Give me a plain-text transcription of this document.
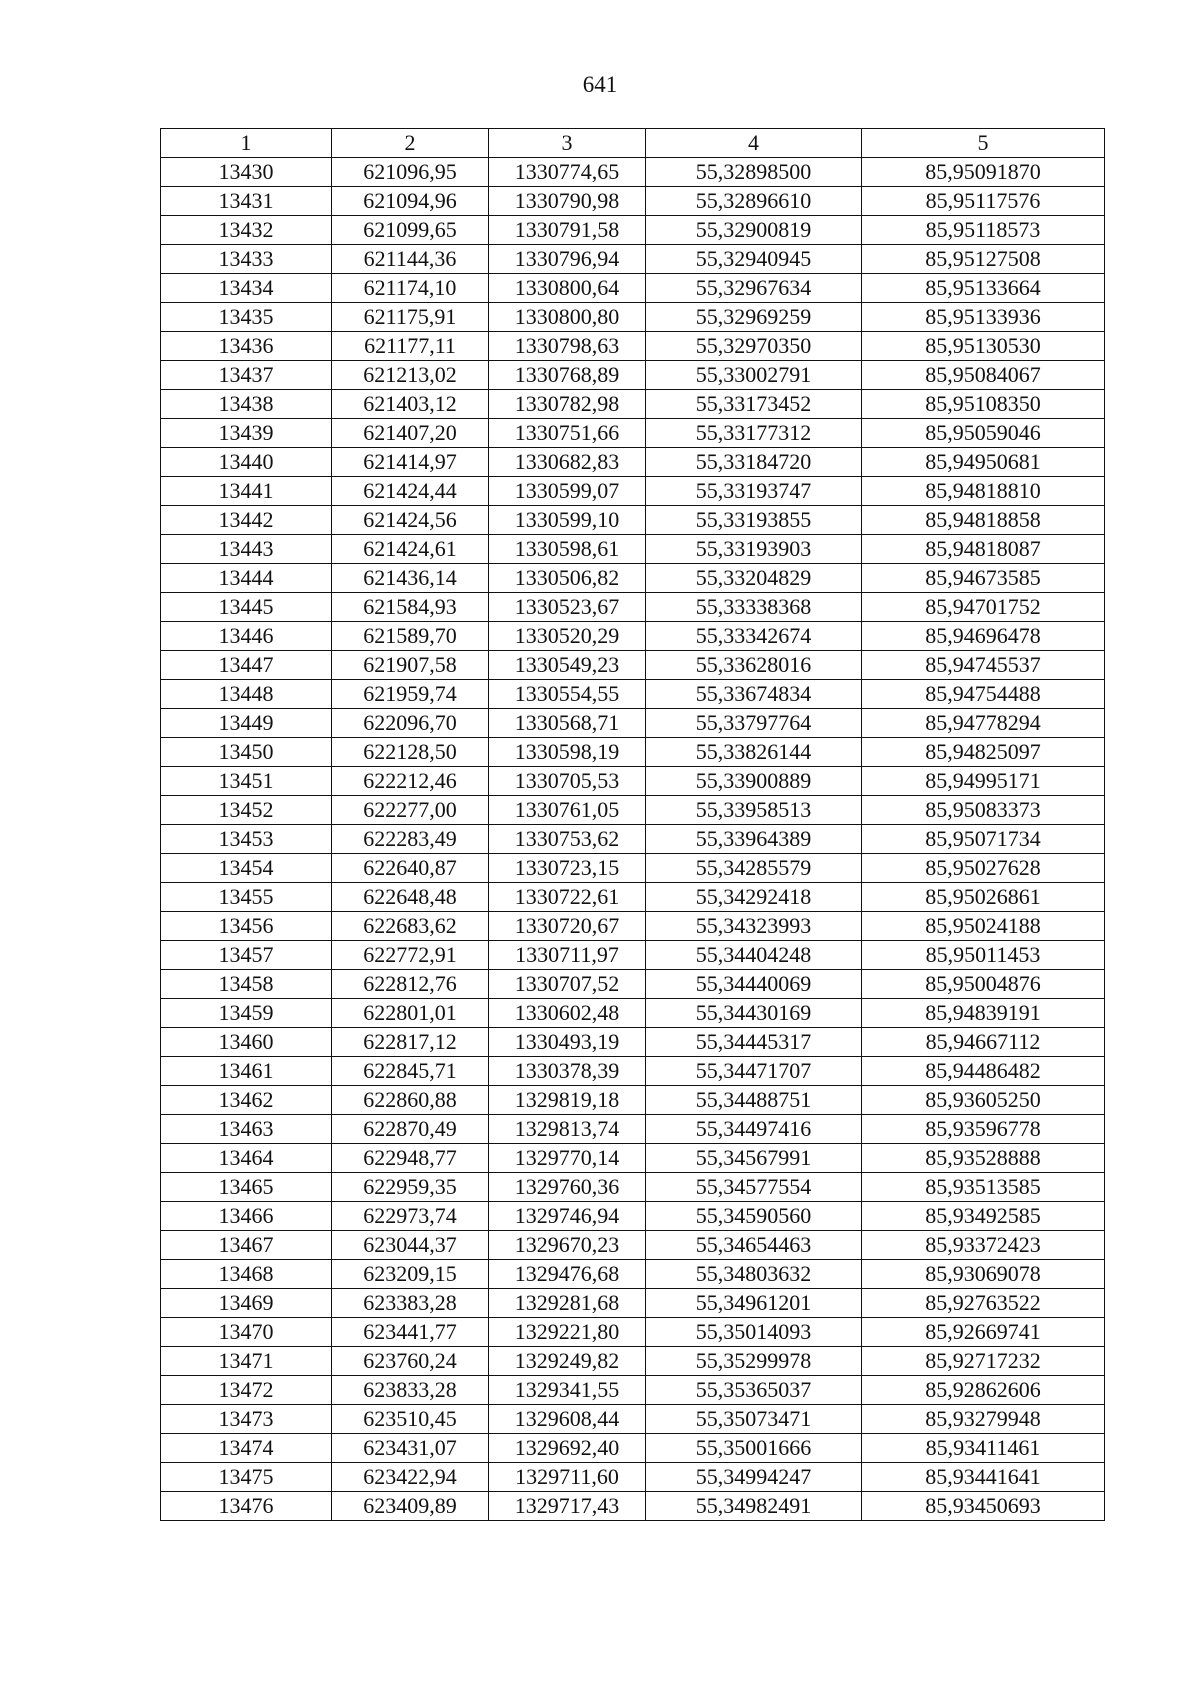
641
1	2	3	4	5
13430	621096,95	1330774,65	55,32898500	85,95091870
13431	621094,96	1330790,98	55,32896610	85,95117576
13432	621099,65	1330791,58	55,32900819	85,95118573
13433	621144,36	1330796,94	55,32940945	85,95127508
13434	621174,10	1330800,64	55,32967634	85,95133664
13435	621175,91	1330800,80	55,32969259	85,95133936
13436	621177,11	1330798,63	55,32970350	85,95130530
13437	621213,02	1330768,89	55,33002791	85,95084067
13438	621403,12	1330782,98	55,33173452	85,95108350
13439	621407,20	1330751,66	55,33177312	85,95059046
13440	621414,97	1330682,83	55,33184720	85,94950681
13441	621424,44	1330599,07	55,33193747	85,94818810
13442	621424,56	1330599,10	55,33193855	85,94818858
13443	621424,61	1330598,61	55,33193903	85,94818087
13444	621436,14	1330506,82	55,33204829	85,94673585
13445	621584,93	1330523,67	55,33338368	85,94701752
13446	621589,70	1330520,29	55,33342674	85,94696478
13447	621907,58	1330549,23	55,33628016	85,94745537
13448	621959,74	1330554,55	55,33674834	85,94754488
13449	622096,70	1330568,71	55,33797764	85,94778294
13450	622128,50	1330598,19	55,33826144	85,94825097
13451	622212,46	1330705,53	55,33900889	85,94995171
13452	622277,00	1330761,05	55,33958513	85,95083373
13453	622283,49	1330753,62	55,33964389	85,95071734
13454	622640,87	1330723,15	55,34285579	85,95027628
13455	622648,48	1330722,61	55,34292418	85,95026861
13456	622683,62	1330720,67	55,34323993	85,95024188
13457	622772,91	1330711,97	55,34404248	85,95011453
13458	622812,76	1330707,52	55,34440069	85,95004876
13459	622801,01	1330602,48	55,34430169	85,94839191
13460	622817,12	1330493,19	55,34445317	85,94667112
13461	622845,71	1330378,39	55,34471707	85,94486482
13462	622860,88	1329819,18	55,34488751	85,93605250
13463	622870,49	1329813,74	55,34497416	85,93596778
13464	622948,77	1329770,14	55,34567991	85,93528888
13465	622959,35	1329760,36	55,34577554	85,93513585
13466	622973,74	1329746,94	55,34590560	85,93492585
13467	623044,37	1329670,23	55,34654463	85,93372423
13468	623209,15	1329476,68	55,34803632	85,93069078
13469	623383,28	1329281,68	55,34961201	85,92763522
13470	623441,77	1329221,80	55,35014093	85,92669741
13471	623760,24	1329249,82	55,35299978	85,92717232
13472	623833,28	1329341,55	55,35365037	85,92862606
13473	623510,45	1329608,44	55,35073471	85,93279948
13474	623431,07	1329692,40	55,35001666	85,93411461
13475	623422,94	1329711,60	55,34994247	85,93441641
13476	623409,89	1329717,43	55,34982491	85,93450693
